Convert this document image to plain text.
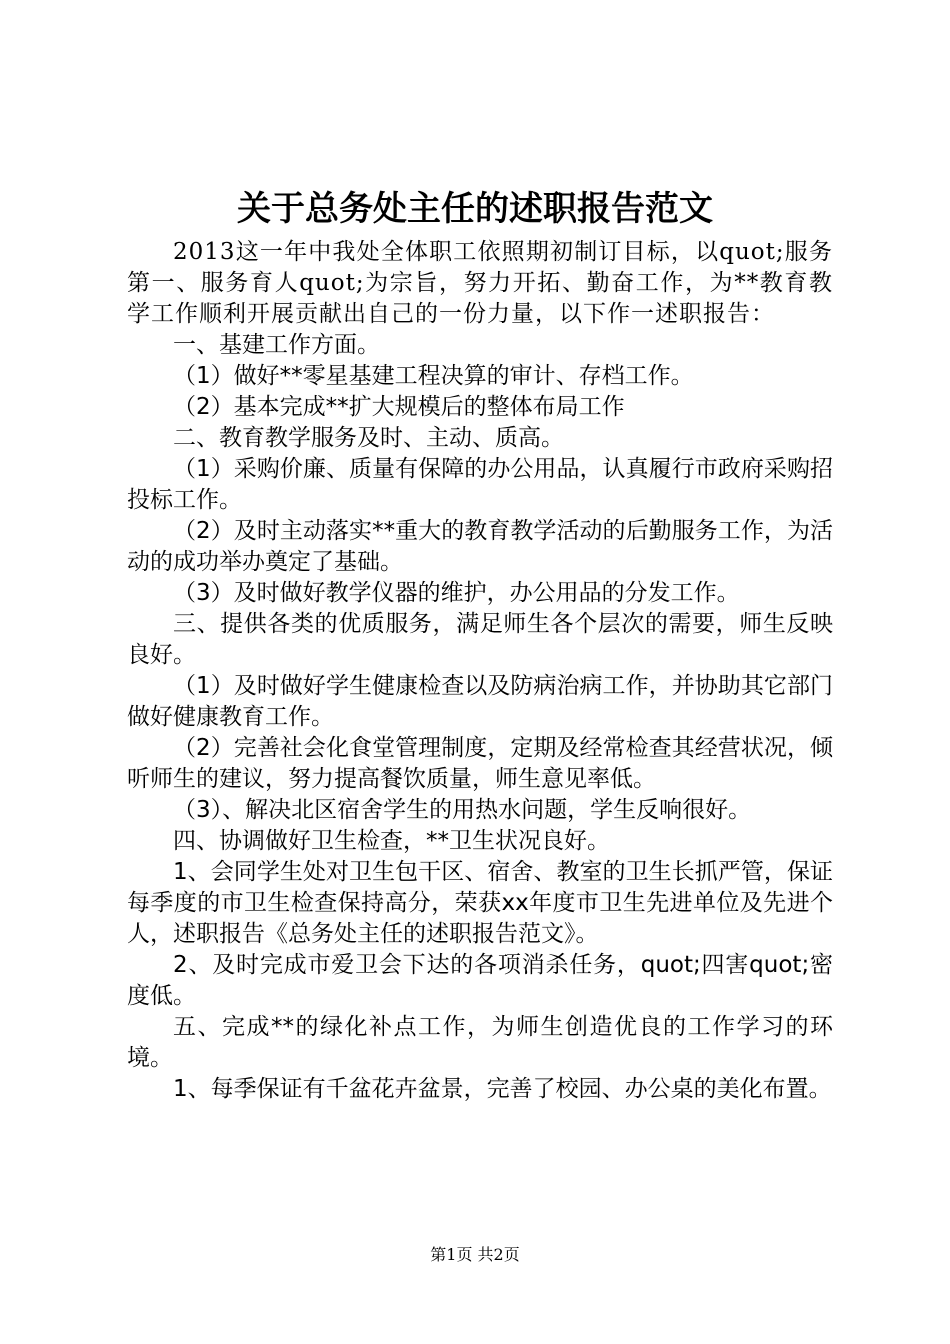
关于总务处主任的述职报告范文

2013这一年中我处全体职工依照期初制订目标，以quot;服务第一、服务育人quot;为宗旨，努力开拓、勤奋工作，为**教育教学工作顺利开展贡献出自己的一份力量，以下作一述职报告：

一、基建工作方面。

（1）做好**零星基建工程决算的审计、存档工作。

（2）基本完成**扩大规模后的整体布局工作

二、教育教学服务及时、主动、质高。

（1）采购价廉、质量有保障的办公用品，认真履行市政府采购招投标工作。

（2）及时主动落实**重大的教育教学活动的后勤服务工作，为活动的成功举办奠定了基础。

（3）及时做好教学仪器的维护，办公用品的分发工作。

三、提供各类的优质服务，满足师生各个层次的需要，师生反映良好。

（1）及时做好学生健康检查以及防病治病工作，并协助其它部门做好健康教育工作。

（2）完善社会化食堂管理制度，定期及经常检查其经营状况，倾听师生的建议，努力提高餐饮质量，师生意见率低。

（3）、解决北区宿舍学生的用热水问题，学生反响很好。

四、协调做好卫生检查，**卫生状况良好。

1、会同学生处对卫生包干区、宿舍、教室的卫生长抓严管，保证每季度的市卫生检查保持高分，荣获xx年度市卫生先进单位及先进个人，述职报告《总务处主任的述职报告范文》。

2、及时完成市爱卫会下达的各项消杀任务，quot;四害quot;密度低。

五、完成**的绿化补点工作，为师生创造优良的工作学习的环境。

1、每季保证有千盆花卉盆景，完善了校园、办公桌的美化布置。

第1页 共2页
